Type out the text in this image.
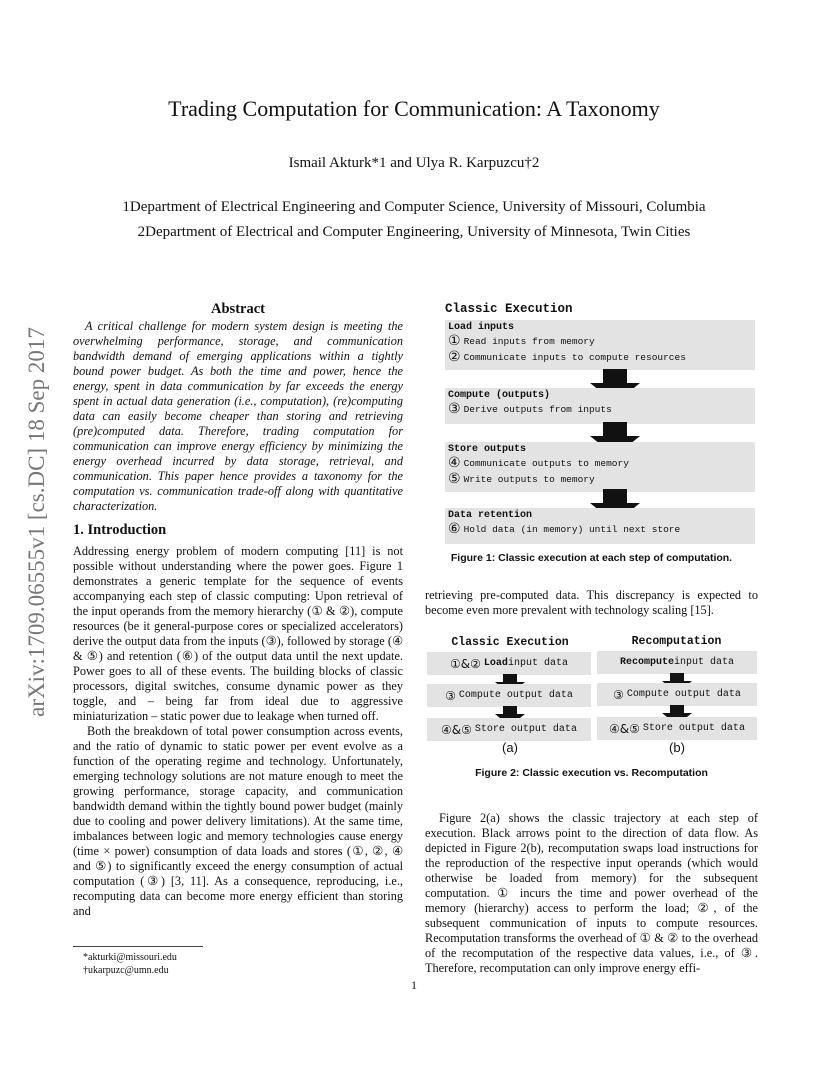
Trading Computation for Communication: A Taxonomy
Ismail Akturk*1 and Ulya R. Karpuzcu†2
1Department of Electrical Engineering and Computer Science, University of Missouri, Columbia
2Department of Electrical and Computer Engineering, University of Minnesota, Twin Cities
arXiv:1709.06555v1 [cs.DC] 18 Sep 2017
Abstract

A critical challenge for modern system design is meeting the overwhelming performance, storage, and communication bandwidth demand of emerging applications within a tightly bound power budget. As both the time and power, hence the energy, spent in data communication by far exceeds the energy spent in actual data generation (i.e., computation), (re)computing data can easily become cheaper than storing and retrieving (pre)computed data. Therefore, trading computation for communication can improve energy efficiency by minimizing the energy overhead incurred by data storage, retrieval, and communication. This paper hence provides a taxonomy for the computation vs. communication trade-off along with quantitative characterization.

1. Introduction

Addressing energy problem of modern computing [11] is not possible without understanding where the power goes. Figure 1 demonstrates a generic template for the sequence of events accompanying each step of classic computing: Upon retrieval of the input operands from the memory hierarchy (① & ②), compute resources (be it general-purpose cores or specialized accelerators) derive the output data from the inputs (③), followed by storage (④ & ⑤) and retention (⑥) of the output data until the next update. Power goes to all of these events. The building blocks of classic processors, digital switches, consume dynamic power as they toggle, and – being far from ideal due to aggressive miniaturization – static power due to leakage when turned off.

Both the breakdown of total power consumption across events, and the ratio of dynamic to static power per event evolve as a function of the operating regime and technology. Unfortunately, emerging technology solutions are not mature enough to meet the growing performance, storage capacity, and communication bandwidth demand within the tightly bound power budget (mainly due to cooling and power delivery limitations). At the same time, imbalances between logic and memory technologies cause energy (time × power) consumption of data loads and stores (①, ②, ④ and ⑤) to significantly exceed the energy consumption of actual computation (③) [3, 11]. As a consequence, reproducing, i.e., recomputing data can become more energy efficient than storing and

*akturki@missouri.edu
†ukarpuzc@umn.edu
Classic Execution
Load inputs
① Read inputs from memory
② Communicate inputs to compute resources
Compute (outputs)
③ Derive outputs from inputs
Store outputs
④ Communicate outputs to memory
⑤ Write outputs to memory
Data retention
⑥ Hold data (in memory) until next store
Figure 1: Classic execution at each step of computation.
retrieving pre-computed data. This discrepancy is expected to become even more prevalent with technology scaling [15].
Classic Execution	Recomputation
①&② Load input data
③ Compute output data
④&⑤ Store output data
Recompute input data
③ Compute output data
④&⑤ Store output data
(a)	(b)
Figure 2: Classic execution vs. Recomputation
Figure 2(a) shows the classic trajectory at each step of execution. Black arrows point to the direction of data flow. As depicted in Figure 2(b), recomputation swaps load instructions for the reproduction of the respective input operands (which would otherwise be loaded from memory) for the subsequent computation. ① incurs the time and power overhead of the memory (hierarchy) access to perform the load; ②, of the subsequent communication of inputs to compute resources. Recomputation transforms the overhead of ① & ② to the overhead of the recomputation of the respective data values, i.e., of ③. Therefore, recomputation can only improve energy effi-
1
